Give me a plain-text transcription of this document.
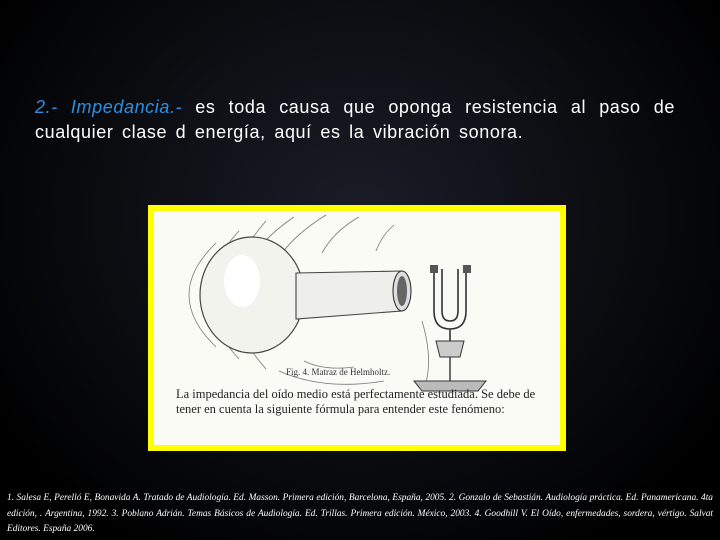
2.- Impedancia.- es toda causa que oponga resistencia al paso de cualquier clase d energía, aquí es la vibración sonora.
Fig. 4. Matraz de Helmholtz.
La impedancia del oído medio está perfectamente estudiada. Se debe de tener en cuenta la siguiente fórmula para entender este fenómeno:
1. Salesa E, Perelló E, Bonavida A. Tratado de Audiología. Ed. Masson. Primera edición, Barcelona, España, 2005. 2. Gonzalo de Sebastián. Audiología práctica. Ed. Panamericana. 4ta edición, . Argentina, 1992. 3. Poblano Adrián. Temas Básicos de Audiología. Ed. Trillas. Primera edición. México, 2003. 4. Goodhill V. El Oído, enfermedades, sordera, vértigo. Salvat Editores. España 2006.
